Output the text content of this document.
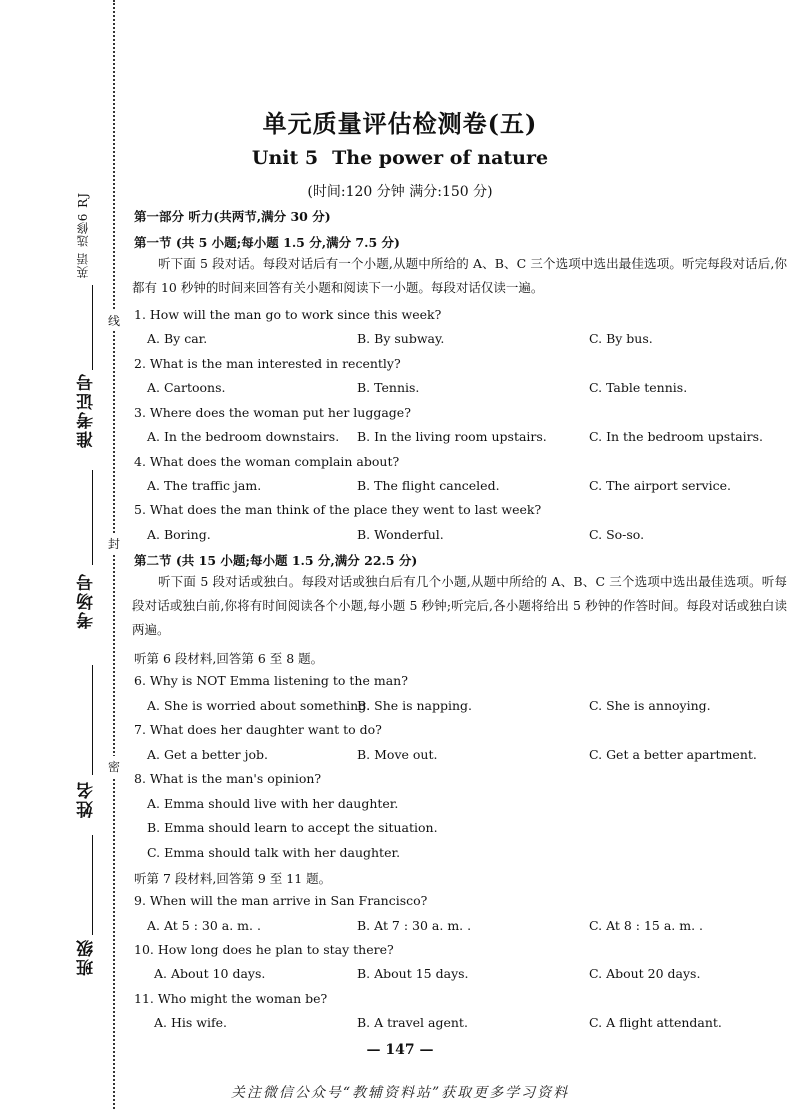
英语 选修6 RJ
准考证号
考场号
姓名
班级
线
封
密
单元质量评估检测卷(五)
Unit 5 The power of nature
(时间:120 分钟 满分:150 分)
第一部分 听力(共两节,满分 30 分)
第一节 (共 5 小题;每小题 1.5 分,满分 7.5 分)
听下面 5 段对话。每段对话后有一个小题,从题中所给的 A、B、C 三个选项中选出最佳选项。听完每段对话后,你都有 10 秒钟的时间来回答有关小题和阅读下一小题。每段对话仅读一遍。
1. How will the man go to work since this week?
A. By car.	B. By subway.	C. By bus.
2. What is the man interested in recently?
A. Cartoons.	B. Tennis.	C. Table tennis.
3. Where does the woman put her luggage?
A. In the bedroom downstairs. B. In the living room upstairs.	C. In the bedroom upstairs.
4. What does the woman complain about?
A. The traffic jam.	B. The flight canceled.	C. The airport service.
5. What does the man think of the place they went to last week?
A. Boring.	B. Wonderful.	C. So-so.
第二节 (共 15 小题;每小题 1.5 分,满分 22.5 分)
听下面 5 段对话或独白。每段对话或独白后有几个小题,从题中所给的 A、B、C 三个选项中选出最佳选项。听每段对话或独白前,你将有时间阅读各个小题,每小题 5 秒钟;听完后,各小题将给出 5 秒钟的作答时间。每段对话或独白读两遍。
听第 6 段材料,回答第 6 至 8 题。
6. Why is NOT Emma listening to the man?
A. She is worried about something.
B. She is napping.	C. She is annoying.
7. What does her daughter want to do?
A. Get a better job.	B. Move out.	C. Get a better apartment.
8. What is the man's opinion?
A. Emma should live with her daughter.
B. Emma should learn to accept the situation.
C. Emma should talk with her daughter.
听第 7 段材料,回答第 9 至 11 题。
9. When will the man arrive in San Francisco?
A. At 5 : 30 a. m. .	B. At 7 : 30 a. m. .	C. At 8 : 15 a. m. .
10. How long does he plan to stay there?
A. About 10 days.	B. About 15 days.	C. About 20 days.
11. Who might the woman be?
A. His wife.	B. A travel agent.	C. A flight attendant.
— 147 —
关注微信公众号“教辅资料站”获取更多学习资料
